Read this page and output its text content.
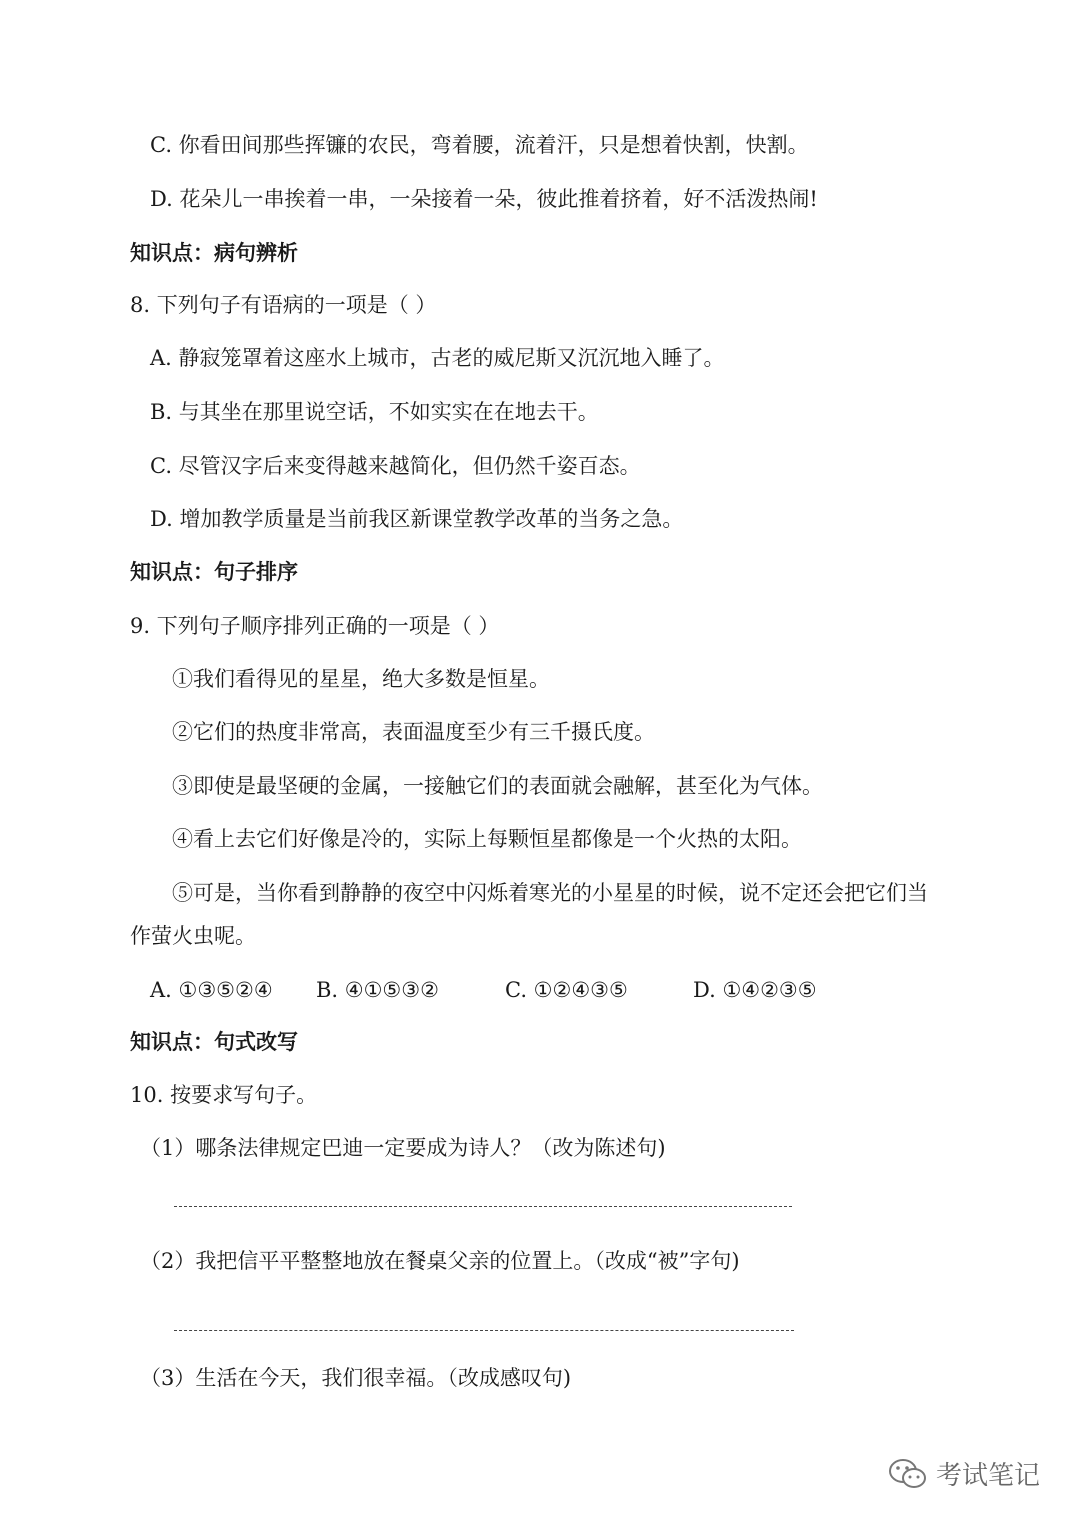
C. 你看田间那些挥镰的农民，弯着腰，流着汗，只是想着快割，快割。
D. 花朵儿一串挨着一串，一朵接着一朵，彼此推着挤着，好不活泼热闹!
知识点：病句辨析
8. 下列句子有语病的一项是（ ）
A. 静寂笼罩着这座水上城市，古老的威尼斯又沉沉地入睡了。
B. 与其坐在那里说空话，不如实实在在地去干。
C. 尽管汉字后来变得越来越简化，但仍然千姿百态。
D. 增加教学质量是当前我区新课堂教学改革的当务之急。
知识点：句子排序
9. 下列句子顺序排列正确的一项是（ ）
①我们看得见的星星，绝大多数是恒星。
②它们的热度非常高，表面温度至少有三千摄氏度。
③即使是最坚硬的金属，一接触它们的表面就会融解，甚至化为气体。
④看上去它们好像是冷的，实际上每颗恒星都像是一个火热的太阳。
⑤可是，当你看到静静的夜空中闪烁着寒光的小星星的时候，说不定还会把它们当
作萤火虫呢。
A. ①③⑤②④ B. ④①⑤③②	C. ①②④③⑤	D. ①④②③⑤
知识点：句式改写
10. 按要求写句子。
（1）哪条法律规定巴迪一定要成为诗人？（改为陈述句)
（2）我把信平平整整地放在餐桌父亲的位置上。（改成“被”字句)
（3）生活在今天，我们很幸福。（改成感叹句)
考试笔记
